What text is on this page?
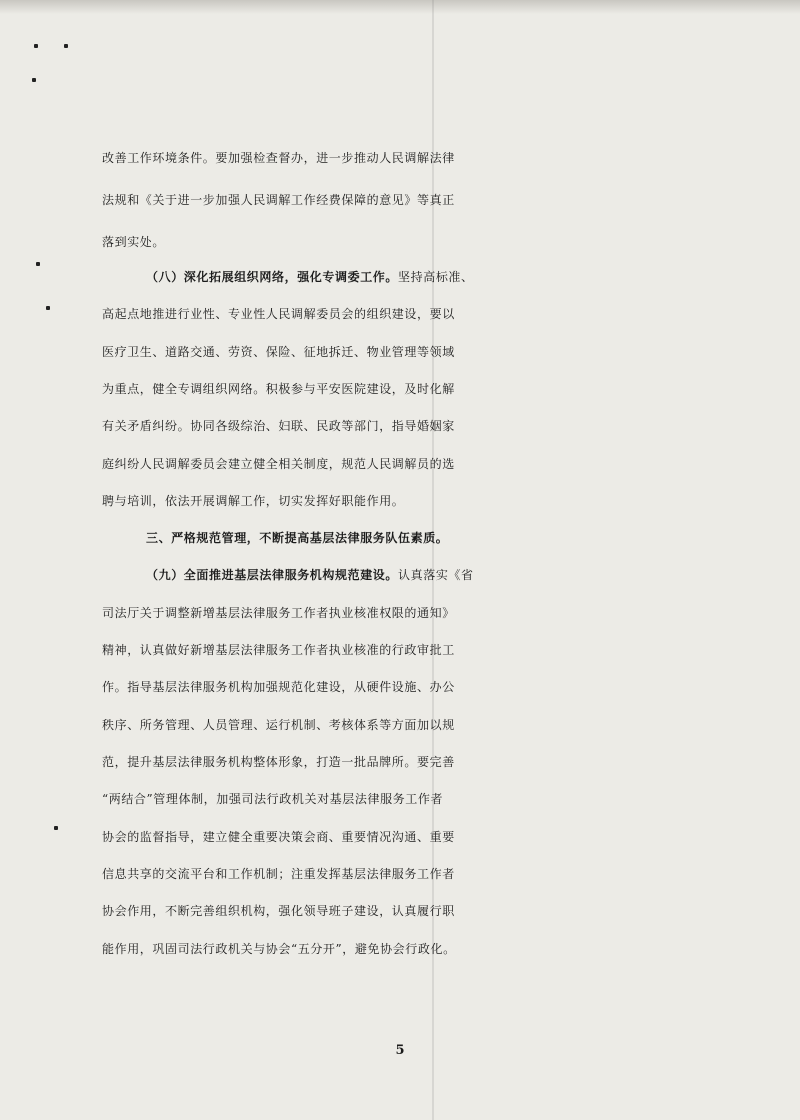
改善工作环境条件。要加强检查督办，进一步推动人民调解法律
法规和《关于进一步加强人民调解工作经费保障的意见》等真正
落到实处。
（八）深化拓展组织网络，强化专调委工作。坚持高标准、
高起点地推进行业性、专业性人民调解委员会的组织建设，要以
医疗卫生、道路交通、劳资、保险、征地拆迁、物业管理等领域
为重点，健全专调组织网络。积极参与平安医院建设，及时化解
有关矛盾纠纷。协同各级综治、妇联、民政等部门，指导婚姻家
庭纠纷人民调解委员会建立健全相关制度，规范人民调解员的选
聘与培训，依法开展调解工作，切实发挥好职能作用。
三、严格规范管理，不断提高基层法律服务队伍素质。
（九）全面推进基层法律服务机构规范建设。认真落实《省
司法厅关于调整新增基层法律服务工作者执业核准权限的通知》
精神，认真做好新增基层法律服务工作者执业核准的行政审批工
作。指导基层法律服务机构加强规范化建设，从硬件设施、办公
秩序、所务管理、人员管理、运行机制、考核体系等方面加以规
范，提升基层法律服务机构整体形象，打造一批品牌所。要完善
“两结合”管理体制，加强司法行政机关对基层法律服务工作者
协会的监督指导，建立健全重要决策会商、重要情况沟通、重要
信息共享的交流平台和工作机制；注重发挥基层法律服务工作者
协会作用，不断完善组织机构，强化领导班子建设，认真履行职
能作用，巩固司法行政机关与协会“五分开”，避免协会行政化。
5
